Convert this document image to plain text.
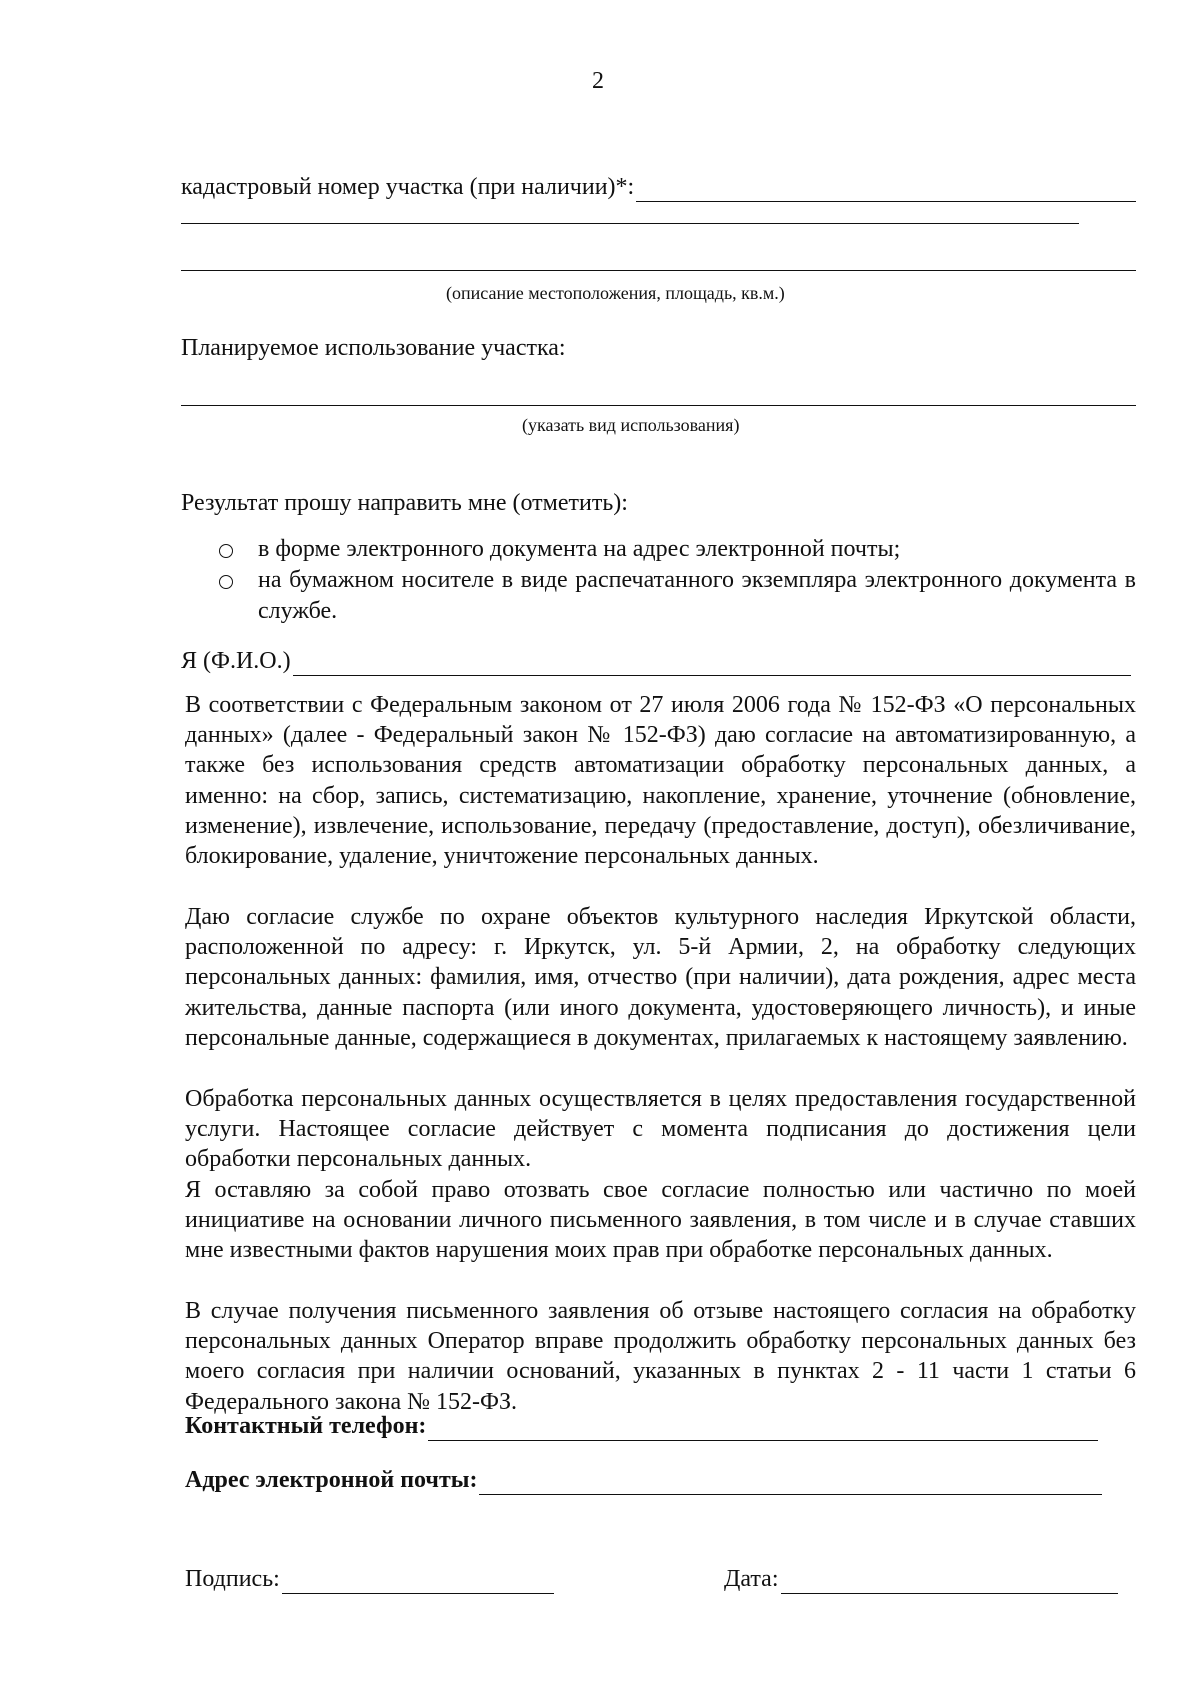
2
кадастровый номер участка (при наличии)*:
(описание местоположения, площадь, кв.м.)
Планируемое использование участка:
(указать вид использования)
Результат прошу направить мне (отметить):
в форме электронного документа на адрес электронной почты;
на бумажном носителе в виде распечатанного экземпляра электронного документа в службе.
Я (Ф.И.О.)
В соответствии с Федеральным законом от 27 июля 2006 года № 152-ФЗ «О персональных данных» (далее - Федеральный закон № 152-ФЗ) даю согласие на автоматизированную, а также без использования средств автоматизации обработку персональных данных, а именно: на сбор, запись, систематизацию, накопление, хранение, уточнение (обновление, изменение), извлечение, использование, передачу (предоставление, доступ), обезличивание, блокирование, удаление, уничтожение персональных данных.
Даю согласие службе по охране объектов культурного наследия Иркутской области, расположенной по адресу: г. Иркутск, ул. 5-й Армии, 2, на обработку следующих персональных данных: фамилия, имя, отчество (при наличии), дата рождения, адрес места жительства, данные паспорта (или иного документа, удостоверяющего личность), и иные персональные данные, содержащиеся в документах, прилагаемых к настоящему заявлению.
Обработка персональных данных осуществляется в целях предоставления государственной услуги. Настоящее согласие действует с момента подписания до достижения цели обработки персональных данных.
Я оставляю за собой право отозвать свое согласие полностью или частично по моей инициативе на основании личного письменного заявления, в том числе и в случае ставших мне известными фактов нарушения моих прав при обработке персональных данных.
В случае получения письменного заявления об отзыве настоящего согласия на обработку персональных данных Оператор вправе продолжить обработку персональных данных без моего согласия при наличии оснований, указанных в пунктах 2 - 11 части 1 статьи 6 Федерального закона № 152-ФЗ.
Контактный телефон:
Адрес электронной почты:
Подпись:	Дата:
